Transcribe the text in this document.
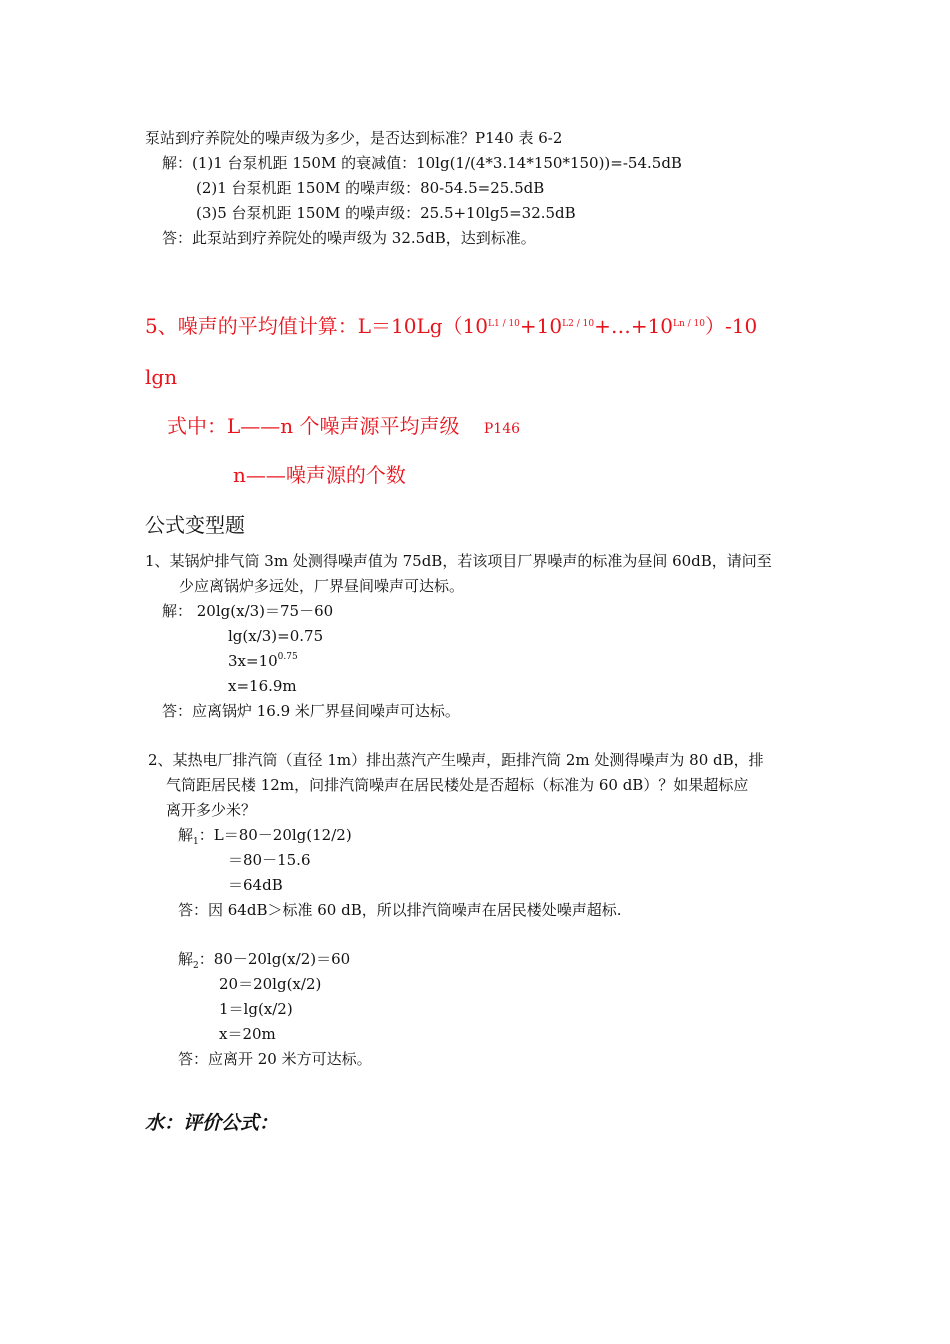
泵站到疗养院处的噪声级为多少，是否达到标准？P140 表 6-2
解：(1)1 台泵机距 150M 的衰减值：10lg(1/(4*3.14*150*150))=-54.5dB
(2)1 台泵机距 150M 的噪声级：80-54.5=25.5dB
(3)5 台泵机距 150M 的噪声级：25.5+10lg5=32.5dB
答：此泵站到疗养院处的噪声级为 32.5dB，达到标准。
5、噪声的平均值计算：$L=10Lg(10^{L1 / 10}+10^{L2 / 10}+\dots+10^{Ln / 10})-10$
lgn
式中：L——n 个噪声源平均声级 P146
n——噪声源的个数
公式变型题
1、某锅炉排气筒 3m 处测得噪声值为 75dB，若该项目厂界噪声的标准为昼间 60dB，请问至
少应离锅炉多远处，厂界昼间噪声可达标。
解： 20lg(x/3)＝75－60
lg(x/3)=0.75
$3x=10^{0.75}$
x=16.9m
答：应离锅炉 16.9 米厂界昼间噪声可达标。
2、某热电厂排汽筒（直径 1m）排出蒸汽产生噪声，距排汽筒 2m 处测得噪声为 80 dB，排
气筒距居民楼 12m，问排汽筒噪声在居民楼处是否超标（标准为 60 dB）？如果超标应
离开多少米？
解$_1$：L＝80－20lg(12/2)
＝80－15.6
＝64dB
答：因 64dB＞标准 60 dB，所以排汽筒噪声在居民楼处噪声超标.
解$_2$：80－20lg(x/2)＝60
20＝20lg(x/2)
1＝lg(x/2)
x＝20m
答：应离开 20 米方可达标。
水：评价公式：
